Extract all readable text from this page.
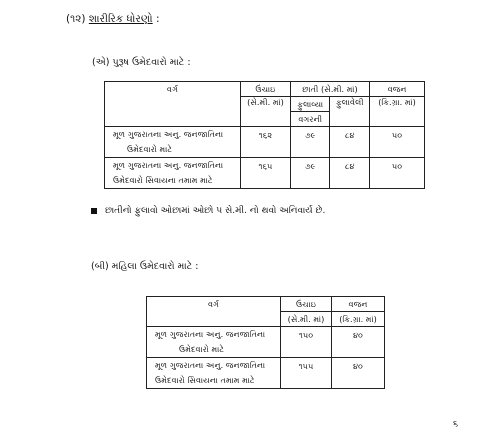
(૧૨) શારીરિક ધોરણો :
(એ) પુરૂષ ઉમેદવારો માટે :
વર્ગ	ઉંચાઇ	છાતી (સે.મી. માં)		વજન
	(સે.મી. માં)	ફુલાવ્યા	ફુલાવેલી	(કિ.ગ્રા. માં)
		વગરની		

મૂળ ગુજરાતના અનુ. જનજાતિના
ઉમેદવારો માટે	૧૬૨	૭૯	૮૪	૫૦

મૂળ ગુજરાતના અનુ. જનજાતિના
ઉમેદવારો સિવાયના તમામ માટે	૧૬૫	૭૯	૮૪	૫૦
છાતીનો ફુલાવો ઓછામાં ઓછો ૫ સે.મી. નો થવો અનિવાર્ય છે.
(બી) મહિલા ઉમેદવારો માટે :
વર્ગ	ઉંચાઇ	વજન
	(સે.મી. માં)	(કિ.ગ્રા. માં)

મૂળ ગુજરાતના અનુ. જનજાતિના
ઉમેદવારો માટે	૧૫૦	૪૦

મૂળ ગુજરાતના અનુ. જનજાતિના
ઉમેદવારો સિવાયના તમામ માટે	૧૫૫	૪૦
૬
